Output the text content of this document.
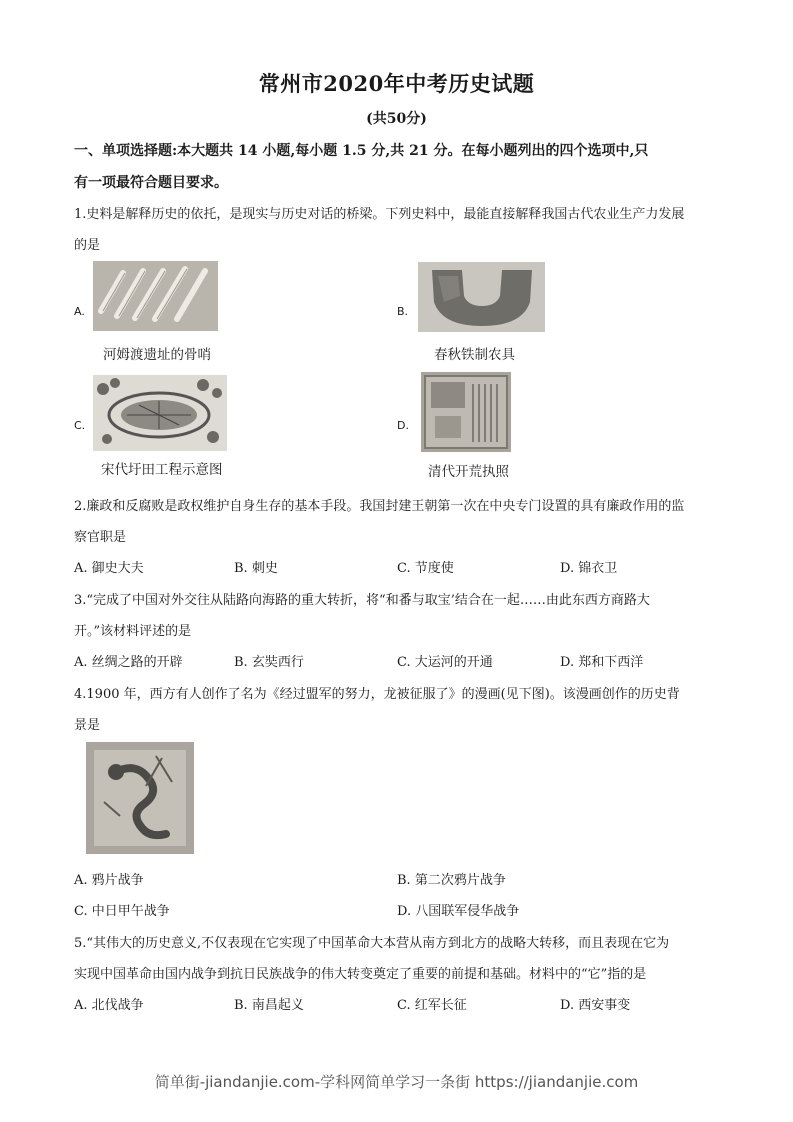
常州市2020年中考历史试题
(共50分)
一、单项选择题:本大题共 14 小题,每小题 1.5 分,共 21 分。在每小题列出的四个选项中,只
有一项最符合题目要求。
1.史料是解释历史的依托，是现实与历史对话的桥梁。下列史料中，最能直接解释我国古代农业生产力发展
的是
A.
河姆渡遗址的骨哨
B.
春秋铁制农具
C.
宋代圩田工程示意图
D.
清代开荒执照
2.廉政和反腐败是政权维护自身生存的基本手段。我国封建王朝第一次在中央专门设置的具有廉政作用的监
察官职是
A. 御史大夫	B. 刺史	C. 节度使	D. 锦衣卫
3.“完成了中国对外交往从陆路向海路的重大转折，将“和番与取宝’结合在一起……由此东西方商路大
开。”该材料评述的是
A. 丝绸之路的开辟	B. 玄奘西行	C. 大运河的开通	D. 郑和下西洋
4.1900 年，西方有人创作了名为《经过盟军的努力，龙被征服了》的漫画(见下图)。该漫画创作的历史背
景是
A. 鸦片战争	B. 第二次鸦片战争
C. 中日甲午战争	D. 八国联军侵华战争
5.“其伟大的历史意义,不仅表现在它实现了中国革命大本营从南方到北方的战略大转移，而且表现在它为
实现中国革命由国内战争到抗日民族战争的伟大转变奠定了重要的前提和基础。材料中的“它”指的是
A. 北伐战争	B. 南昌起义	C. 红军长征	D. 西安事变
简单街-jiandanjie.com-学科网简单学习一条街 https://jiandanjie.com
